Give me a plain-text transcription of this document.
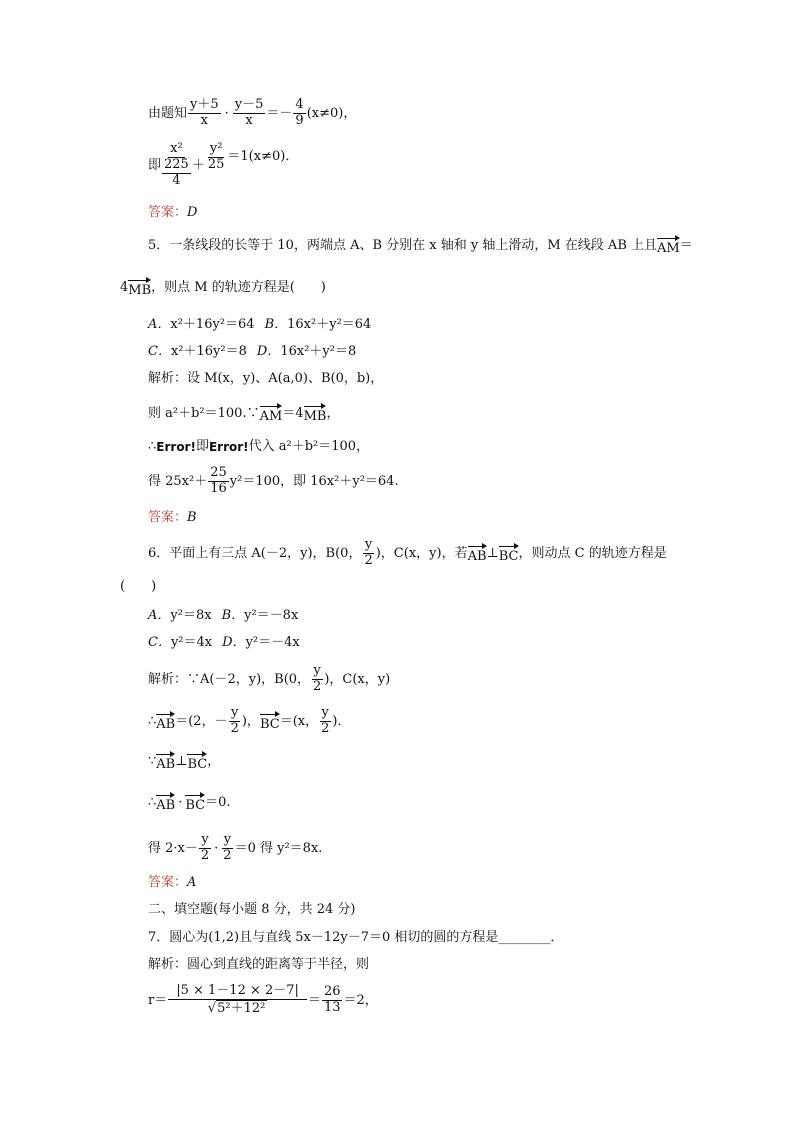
由题知 $\frac{y+5}{x} \cdot \frac{y-5}{x} =- \frac{4}{9} (x\ne 0)$，
即 $\frac{\text{x²}}{\frac{225}{4}} + \frac{\text{y²}}{25} =1(x\ne 0)$．
答案： D
5．一条线段的长等于 10，两端点 A、B 分别在 x 轴和 y 轴上滑动，M 在线段 AB 上且 AM ＝
4 MB ，则点 M 的轨迹方程是(　　)
A． x²＋16y²＝64 B． 16x²＋y²＝64
C． x²＋16y²＝8 D． 16x²＋y²＝8
解析：设 M(x，y)、A(a,0)、B(0，b)，
则 a²＋b²＝100.∵ AM ＝4 MB ，
∴ Error! 即 Error! 代入 a²＋b²＝100，
得 $25x^2+ \frac{25}{16} y^2=100$，即 16x²＋y²＝64.
答案： B
6．平面上有三点 A(－2，y)，B(0， $\frac{y}{2}$ )，C(x，y)，若 AB ⊥ BC ，则动点 C 的轨迹方程是
(　　)
A． y²＝8x B． y²＝－8x
C． y²＝4x D． y²＝－4x
解析：∵A(－2，y)，B(0， $\frac{y}{2}$ )，C(x，y)
∴ AB ＝(2，－ $\frac{y}{2}$ )， BC ＝(x， $\frac{y}{2}$ )．
∵ AB ⊥ BC ，
∴ AB · BC ＝0.
得 $2\cdot x- \frac{y}{2} \cdot \frac{y}{2} =0$ 得 y²＝8x.
答案： A
二、填空题(每小题 8 分，共 24 分)
7．圆心为(1,2)且与直线 5x－12y－7＝0 相切的圆的方程是________．
解析：圆心到直线的距离等于半径，则
$r= \frac{|5 \times 1-12 \times 2-7|}{\text{√5²＋12²}} = \frac{26}{13} =2$，
